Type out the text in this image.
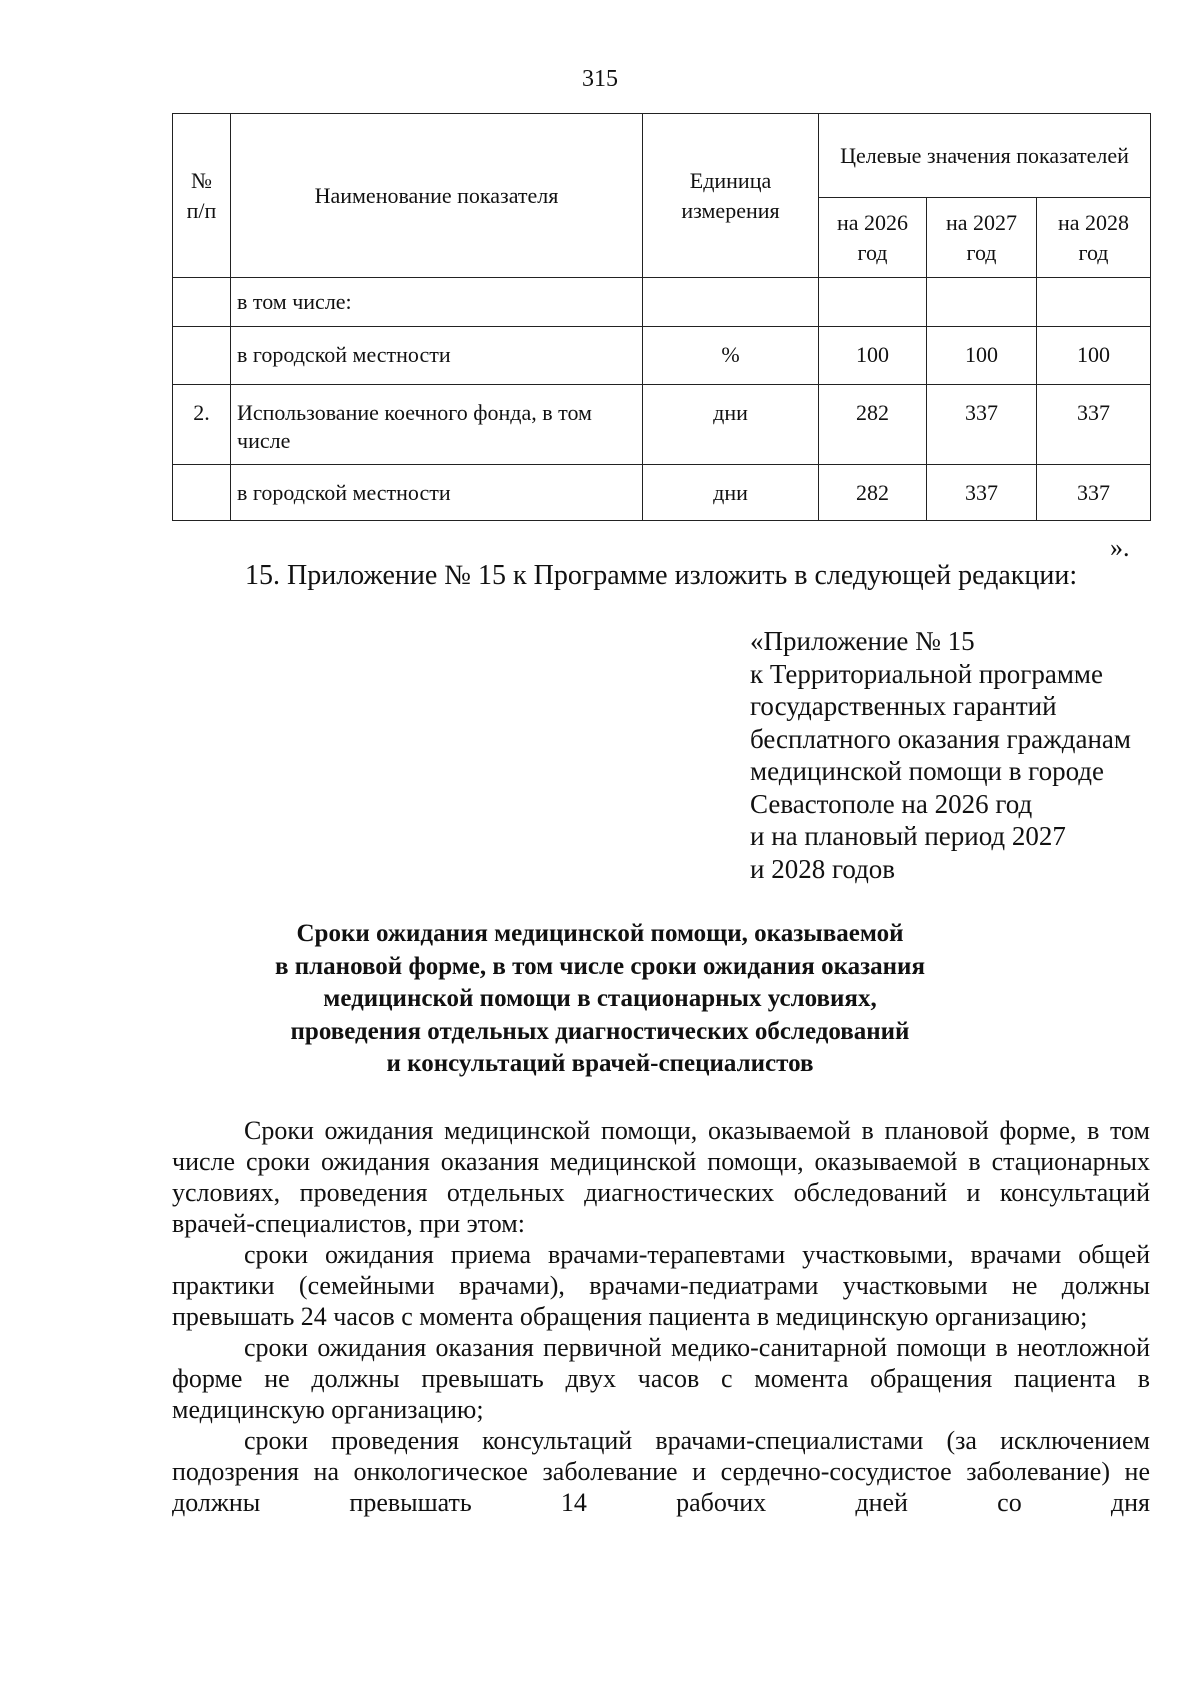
315
№ п/п	Наименование показателя	Единица измерения	Целевые значения показателей		
			на 2026 год	на 2027 год	на 2028 год
	в том числе:				
	в городской местности	%	100	100	100
2.	Использование коечного фонда, в том числе	дни	282	337	337
	в городской местности	дни	282	337	337
».
15. Приложение № 15 к Программе изложить в следующей редакции:
«Приложение № 15
к Территориальной программе
государственных гарантий
бесплатного оказания гражданам
медицинской помощи в городе
Севастополе на 2026 год
и на плановый период 2027
и 2028 годов
Сроки ожидания медицинской помощи, оказываемой
в плановой форме, в том числе сроки ожидания оказания
медицинской помощи в стационарных условиях,
проведения отдельных диагностических обследований
и консультаций врачей-специалистов

Сроки ожидания медицинской помощи, оказываемой в плановой форме, в том числе сроки ожидания оказания медицинской помощи, оказываемой в стационарных условиях, проведения отдельных диагностических обследований и консультаций врачей-специалистов, при этом:

сроки ожидания приема врачами-терапевтами участковыми, врачами общей практики (семейными врачами), врачами-педиатрами участковыми не должны превышать 24 часов с момента обращения пациента в медицинскую организацию;

сроки ожидания оказания первичной медико-санитарной помощи в неотложной форме не должны превышать двух часов с момента обращения пациента в медицинскую организацию;

сроки проведения консультаций врачами-специалистами (за исключением подозрения на онкологическое заболевание и сердечно-сосудистое заболевание) не должны превышать 14 рабочих дней со дня
